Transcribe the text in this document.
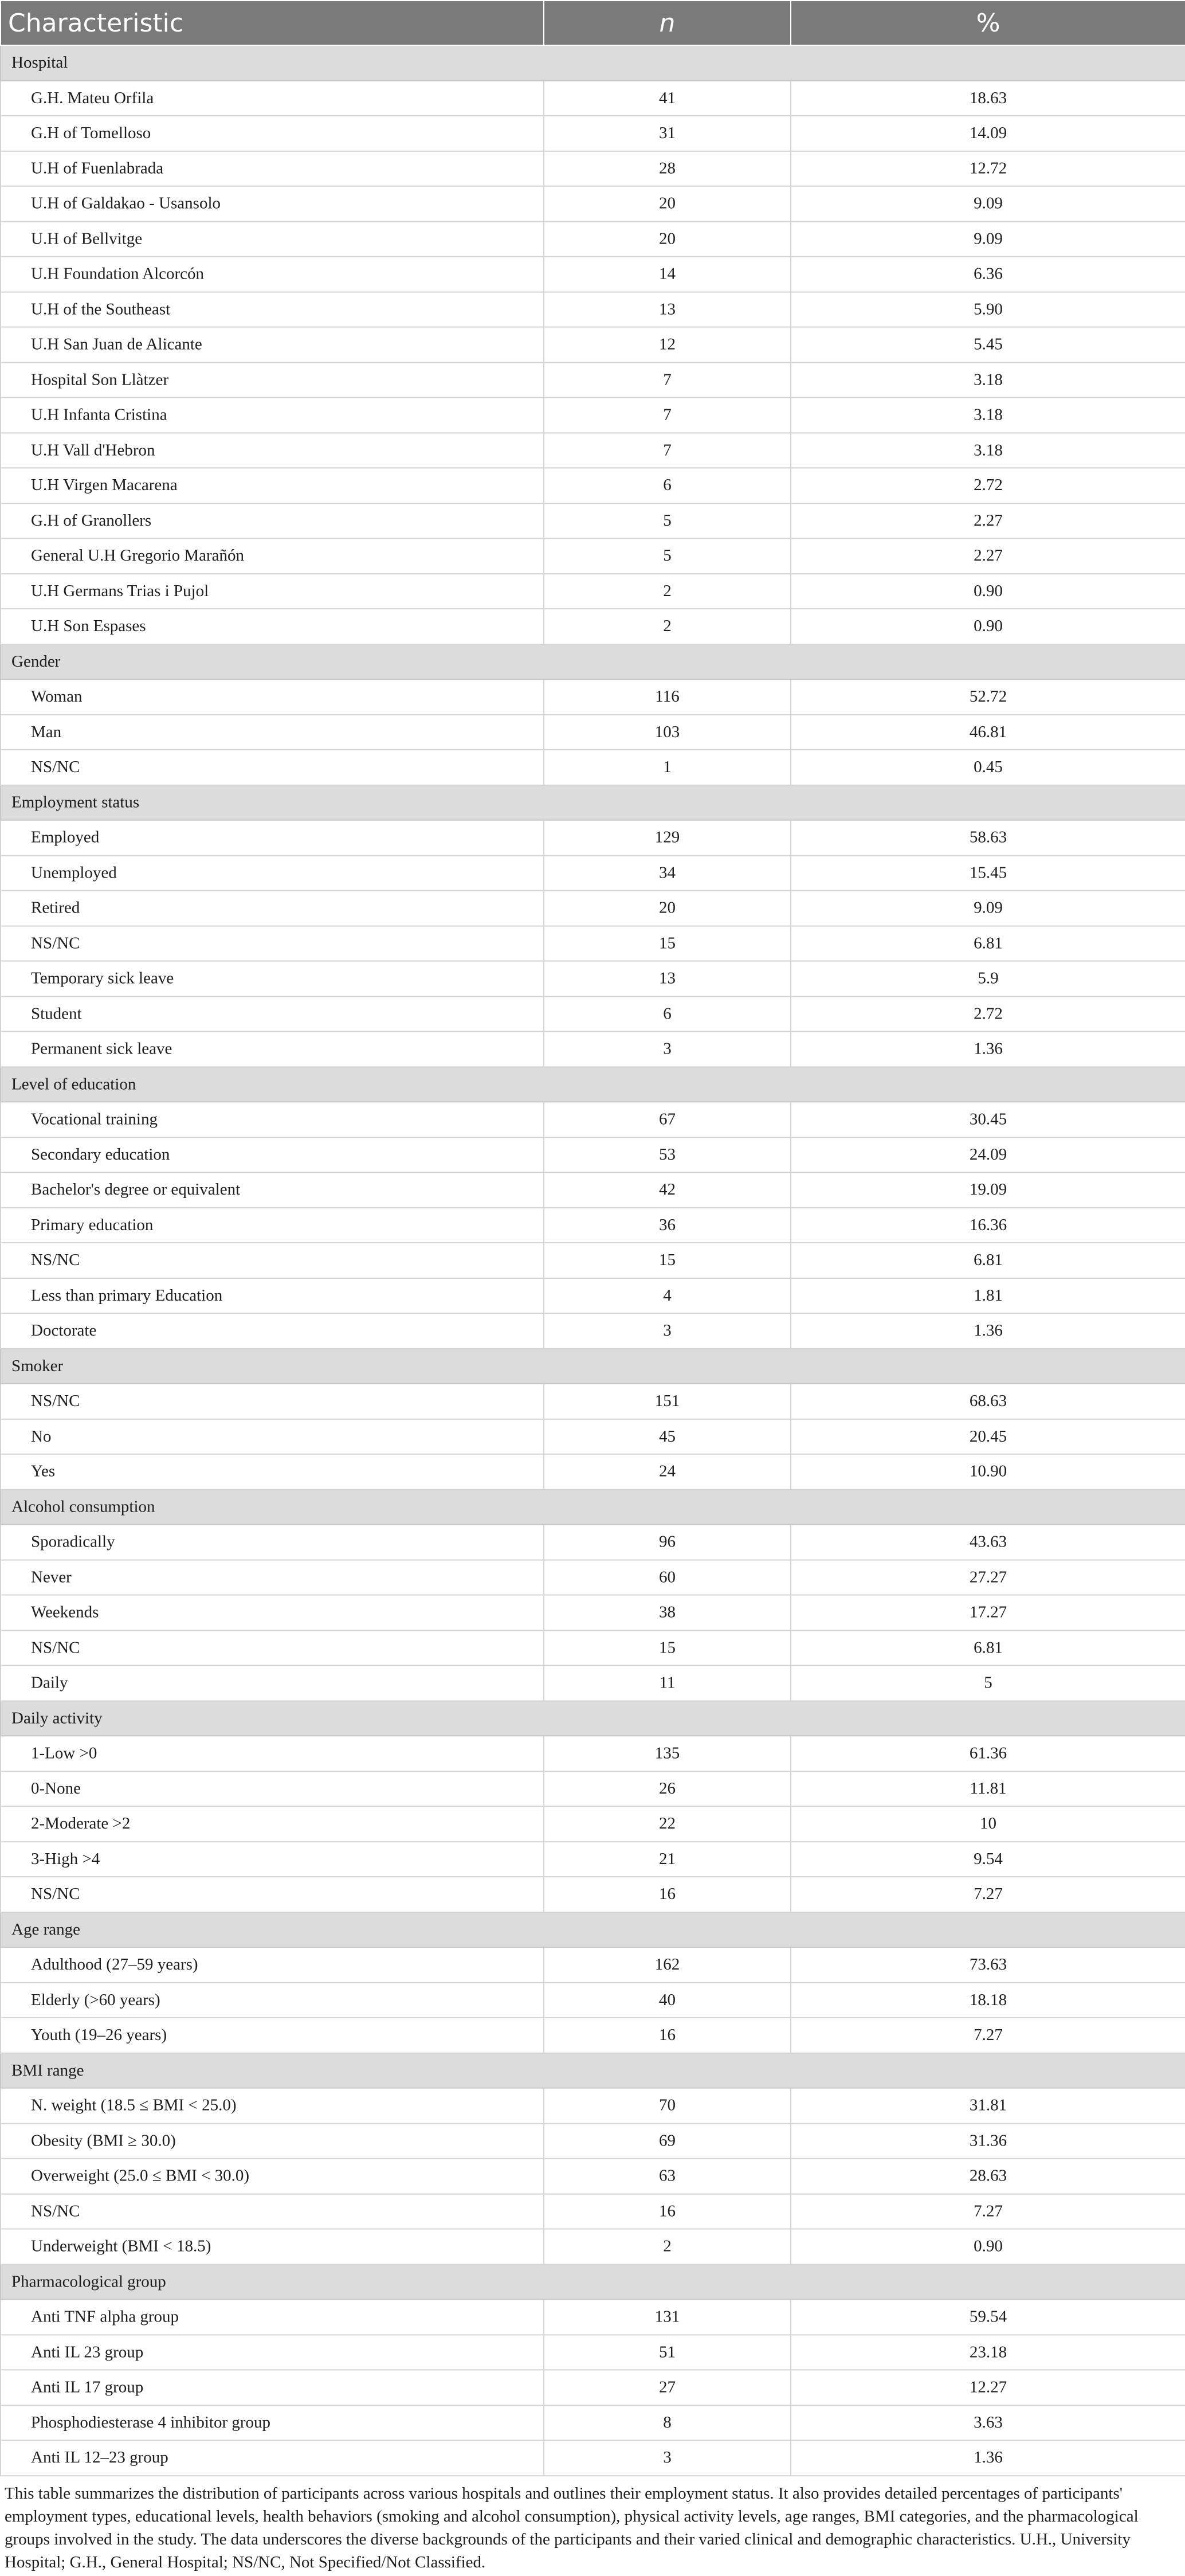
Characteristic	n	%
Hospital		
G.H. Mateu Orfila	41	18.63
G.H of Tomelloso	31	14.09
U.H of Fuenlabrada	28	12.72
U.H of Galdakao - Usansolo	20	9.09
U.H of Bellvitge	20	9.09
U.H Foundation Alcorcón	14	6.36
U.H of the Southeast	13	5.90
U.H San Juan de Alicante	12	5.45
Hospital Son Llàtzer	7	3.18
U.H Infanta Cristina	7	3.18
U.H Vall d'Hebron	7	3.18
U.H Virgen Macarena	6	2.72
G.H of Granollers	5	2.27
General U.H Gregorio Marañón	5	2.27
U.H Germans Trias i Pujol	2	0.90
U.H Son Espases	2	0.90
Gender		
Woman	116	52.72
Man	103	46.81
NS/NC	1	0.45
Employment status		
Employed	129	58.63
Unemployed	34	15.45
Retired	20	9.09
NS/NC	15	6.81
Temporary sick leave	13	5.9
Student	6	2.72
Permanent sick leave	3	1.36
Level of education		
Vocational training	67	30.45
Secondary education	53	24.09
Bachelor's degree or equivalent	42	19.09
Primary education	36	16.36
NS/NC	15	6.81
Less than primary Education	4	1.81
Doctorate	3	1.36
Smoker		
NS/NC	151	68.63
No	45	20.45
Yes	24	10.90
Alcohol consumption		
Sporadically	96	43.63
Never	60	27.27
Weekends	38	17.27
NS/NC	15	6.81
Daily	11	5
Daily activity		
1-Low >0	135	61.36
0-None	26	11.81
2-Moderate >2	22	10
3-High >4	21	9.54
NS/NC	16	7.27
Age range		
Adulthood (27–59 years)	162	73.63
Elderly (>60 years)	40	18.18
Youth (19–26 years)	16	7.27
BMI range		
N. weight (18.5 ≤ BMI < 25.0)	70	31.81
Obesity (BMI ≥ 30.0)	69	31.36
Overweight (25.0 ≤ BMI < 30.0)	63	28.63
NS/NC	16	7.27
Underweight (BMI < 18.5)	2	0.90
Pharmacological group		
Anti TNF alpha group	131	59.54
Anti IL 23 group	51	23.18
Anti IL 17 group	27	12.27
Phosphodiesterase 4 inhibitor group	8	3.63
Anti IL 12–23 group	3	1.36

This table summarizes the distribution of participants across various hospitals and outlines their employment status. It also provides detailed percentages of participants' employment types, educational levels, health behaviors (smoking and alcohol consumption), physical activity levels, age ranges, BMI categories, and the pharmacological groups involved in the study. The data underscores the diverse backgrounds of the participants and their varied clinical and demographic characteristics. U.H., University Hospital; G.H., General Hospital; NS/NC, Not Specified/Not Classified.
